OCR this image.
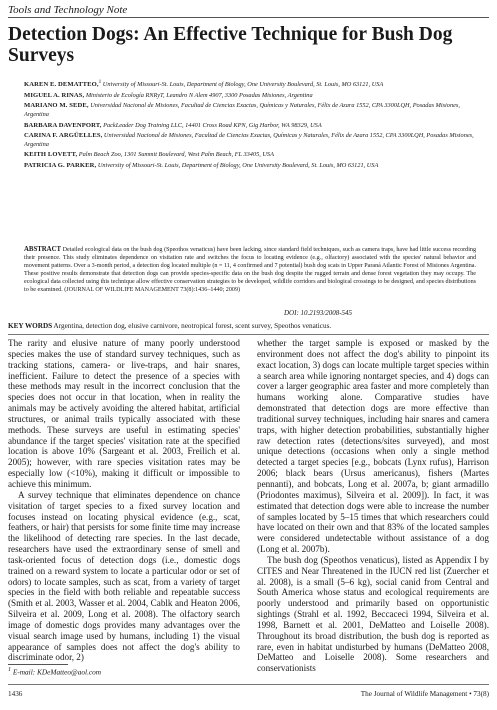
Tools and Technology Note
Detection Dogs: An Effective Technique for Bush Dog Surveys
KAREN E. DEMATTEO,$^1$ University of Missouri-St. Louis, Department of Biology, One University Boulevard, St. Louis, MO 63121, USA
MIGUEL A. RINAS, Ministerio de Ecología RNRyT, Leandro N Alem 4907, 3300 Posadas Misiones, Argentina
MARIANO M. SEDE, Universidad Nacional de Misiones, Facultad de Ciencias Exactas, Químicas y Naturales, Félix de Azara 1552, CPA 3300LQH, Posadas Misiones, Argentina
BARBARA DAVENPORT, PackLeader Dog Training LLC, 14401 Cross Road KPN, Gig Harbor, WA 98329, USA
CARINA F. ARGÜELLES, Universidad Nacional de Misiones, Facultad de Ciencias Exactas, Químicas y Naturales, Félix de Azara 1552, CPA 3300LQH, Posadas Misiones, Argentina
KEITH LOVETT, Palm Beach Zoo, 1301 Summit Boulevard, West Palm Beach, FL 33405, USA
PATRICIA G. PARKER, University of Missouri-St. Louis, Department of Biology, One University Boulevard, St. Louis, MO 63121, USA
ABSTRACT Detailed ecological data on the bush dog (Speothos venaticus) have been lacking, since standard field techniques, such as camera traps, have had little success recording their presence. This study eliminates dependence on visitation rate and switches the focus to locating evidence (e.g., olfactory) associated with the species' natural behavior and movement patterns. Over a 3-month period, a detection dog located multiple (n = 11, 4 confirmed and 7 potential) bush dog scats in Upper Paraná Atlantic Forest of Misiones Argentina. These positive results demonstrate that detection dogs can provide species-specific data on the bush dog despite the rugged terrain and dense forest vegetation they may occupy. The ecological data collected using this technique allow effective conservation strategies to be developed, wildlife corridors and biological crossings to be designed, and species distributions to be examined. (JOURNAL OF WILDLIFE MANAGEMENT 73(8):1436–1440; 2009)
DOI: 10.2193/2008-545
KEY WORDS Argentina, detection dog, elusive carnivore, neotropical forest, scent survey, Speothos venaticus.

The rarity and elusive nature of many poorly understood species makes the use of standard survey techniques, such as tracking stations, camera- or live-traps, and hair snares, inefficient. Failure to detect the presence of a species with these methods may result in the incorrect conclusion that the species does not occur in that location, when in reality the animals may be actively avoiding the altered habitat, artificial structures, or animal trails typically associated with these methods. These surveys are useful in estimating species' abundance if the target species' visitation rate at the specified location is above 10% (Sargeant et al. 2003, Freilich et al. 2005); however, with rare species visitation rates may be especially low (<10%), making it difficult or impossible to achieve this minimum.

A survey technique that eliminates dependence on chance visitation of target species to a fixed survey location and focuses instead on locating physical evidence (e.g., scat, feathers, or hair) that persists for some finite time may increase the likelihood of detecting rare species. In the last decade, researchers have used the extraordinary sense of smell and task-oriented focus of detection dogs (i.e., domestic dogs trained on a reward system to locate a particular odor or set of odors) to locate samples, such as scat, from a variety of target species in the field with both reliable and repeatable success (Smith et al. 2003, Wasser et al. 2004, Cablk and Heaton 2006, Silveira et al. 2009, Long et al. 2008). The olfactory search image of domestic dogs provides many advantages over the visual search image used by humans, including 1) the visual appearance of samples does not affect the dog's ability to discriminate odor, 2)

whether the target sample is exposed or masked by the environment does not affect the dog's ability to pinpoint its exact location, 3) dogs can locate multiple target species within a search area while ignoring nontarget species, and 4) dogs can cover a larger geographic area faster and more completely than humans working alone. Comparative studies have demonstrated that detection dogs are more effective than traditional survey techniques, including hair snares and camera traps, with higher detection probabilities, substantially higher raw detection rates (detections/sites surveyed), and most unique detections (occasions when only a single method detected a target species [e.g., bobcats (Lynx rufus), Harrison 2006; black bears (Ursus americanus), fishers (Martes pennanti), and bobcats, Long et al. 2007a, b; giant armadillo (Priodontes maximus), Silveira et al. 2009]). In fact, it was estimated that detection dogs were able to increase the number of samples located by 5–15 times that which researchers could have located on their own and that 83% of the located samples were considered undetectable without assistance of a dog (Long et al. 2007b).

The bush dog (Speothos venaticus), listed as Appendix I by CITES and Near Threatened in the IUCN red list (Zuercher et al. 2008), is a small (5–6 kg), social canid from Central and South America whose status and ecological requirements are poorly understood and primarily based on opportunistic sightings (Strahl et al. 1992, Beccaceci 1994, Silveira et al. 1998, Barnett et al. 2001, DeMatteo and Loiselle 2008). Throughout its broad distribution, the bush dog is reported as rare, even in habitat undisturbed by humans (DeMatteo 2008, DeMatteo and Loiselle 2008). Some researchers and conservationists

$^1$ E-mail: KDeMatteo@aol.com
1436	The Journal of Wildlife Management • 73(8)
